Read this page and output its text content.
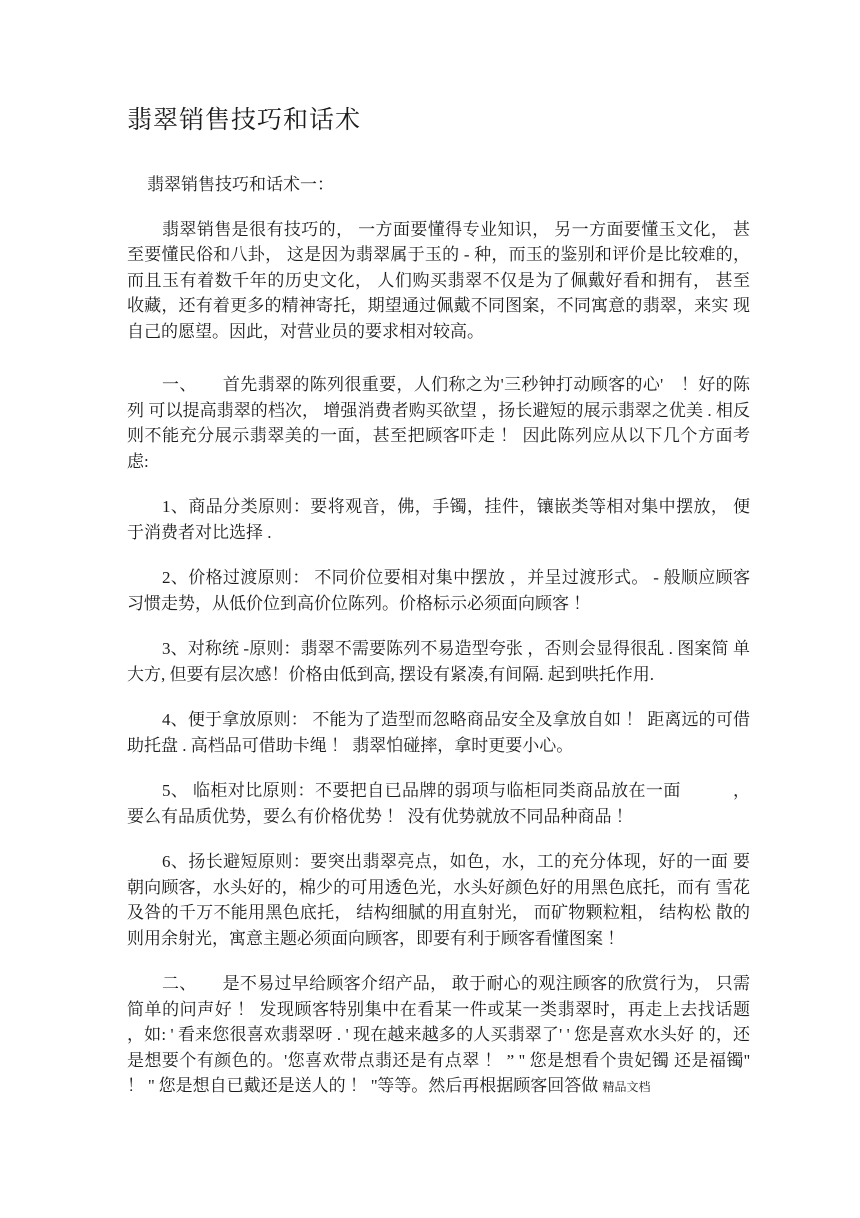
翡翠销售技巧和话术

翡翠销售技巧和话术一：

翡翠销售是很有技巧的， 一方面要懂得专业知识， 另一方面要懂玉文化， 甚 至要懂民俗和八卦， 这是因为翡翠属于玉的 - 种，而玉的鉴别和评价是比较难的， 而且玉有着数千年的历史文化， 人们购买翡翠不仅是为了佩戴好看和拥有， 甚至 收藏，还有着更多的精神寄托，期望通过佩戴不同图案，不同寓意的翡翠，来实 现自己的愿望。因此，对营业员的要求相对较高。

一、　　首先翡翠的陈列很重要，人们称之为'三秒钟打动顾客的心'　！好的陈列 可以提高翡翠的档次， 增强消费者购买欲望 ，扬长避短的展示翡翠之优美 . 相反 则不能充分展示翡翠美的一面，甚至把顾客吓走 ！ 因此陈列应从以下几个方面考 虑:

1、商品分类原则：要将观音，佛，手镯，挂件，镶嵌类等相对集中摆放， 便于消费者对比选择 .

2、价格过渡原则： 不同价位要相对集中摆放 ，并呈过渡形式。 - 般顺应顾客 习惯走势，从低价位到高价位陈列。价格标示必须面向顾客 ！

3、对称统 -原则：翡翠不需要陈列不易造型夸张 ，否则会显得很乱 . 图案简 单大方, 但要有层次感！价格由低到高, 摆设有紧凑,有间隔. 起到哄托作用.

4、便于拿放原则： 不能为了造型而忽略商品安全及拿放自如 ！ 距离远的可借 助托盘 . 高档品可借助卡绳 ！ 翡翠怕碰摔，拿时更要小心。

5、 临柜对比原则：不要把自已品牌的弱项与临柜同类商品放在一面　　　，要么有品质优势，要么有价格优势 ！ 没有优势就放不同品种商品 ！

6、扬长避短原则：要突出翡翠亮点，如色，水，工的充分体现，好的一面 要朝向顾客，水头好的，棉少的可用透色光，水头好颜色好的用黑色底托，而有 雪花及咎的千万不能用黑色底托， 结构细腻的用直射光， 而矿物颗粒粗， 结构松 散的则用余射光，寓意主题必须面向顾客，即要有利于顾客看懂图案 ！

二、　　是不易过早给顾客介绍产品， 敢于耐心的观注顾客的欣赏行为， 只需简单的问声好 ！ 发现顾客特别集中在看某一件或某一类翡翠时，再走上去找话题 ，如: ' 看来您很喜欢翡翠呀 . ' 现在越来越多的人买翡翠了' ' 您是喜欢水头好 的，还是想要个有颜色的。'您喜欢带点翡还是有点翠 ！ ” '' 您是想看个贵妃镯 还是福镯'' ！ '' 您是想自已戴还是送人的 ！ ''等等。然后再根据顾客回答做 精品文档
